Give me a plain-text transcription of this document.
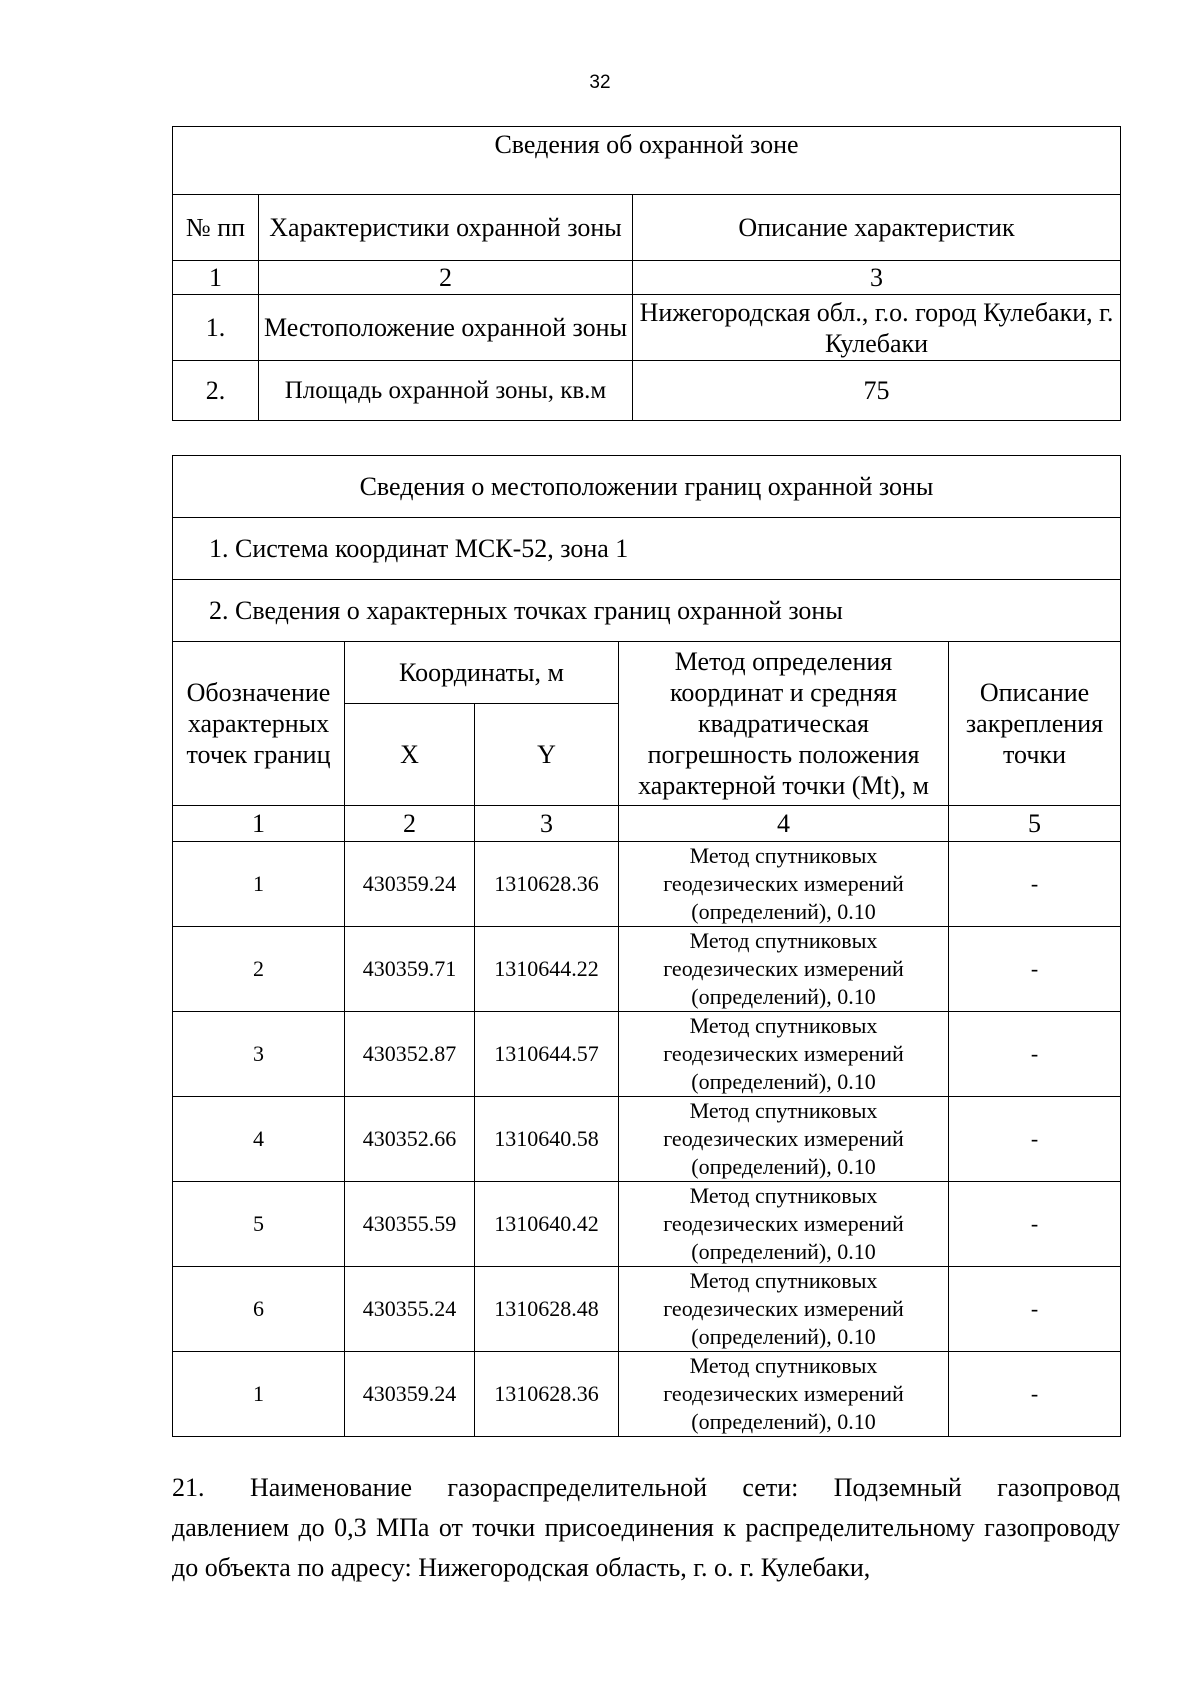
32
Сведения об охранной зоне		
№ пп	Характеристики охранной зоны	Описание характеристик
1	2	3
1.	Местоположение охранной зоны	Нижегородская обл., г.о. город Кулебаки, г. Кулебаки
2.	Площадь охранной зоны, кв.м	75
Сведения о местоположении границ охранной зоны				
1. Система координат МСК-52, зона 1				
2. Сведения о характерных точках границ охранной зоны				
Обозначение характерных точек границ	Координаты, м		Метод определения координат и средняя квадратическая погрешность положения характерной точки (Mt), м	Описание закрепления точки
	X	Y		
1	2	3	4	5
1	430359.24	1310628.36	Метод спутниковых геодезических измерений (определений), 0.10	-
2	430359.71	1310644.22	Метод спутниковых геодезических измерений (определений), 0.10	-
3	430352.87	1310644.57	Метод спутниковых геодезических измерений (определений), 0.10	-
4	430352.66	1310640.58	Метод спутниковых геодезических измерений (определений), 0.10	-
5	430355.59	1310640.42	Метод спутниковых геодезических измерений (определений), 0.10	-
6	430355.24	1310628.48	Метод спутниковых геодезических измерений (определений), 0.10	-
1	430359.24	1310628.36	Метод спутниковых геодезических измерений (определений), 0.10	-

21. Наименование газораспределительной сети: Подземный газопровод давлением до 0,3 МПа от точки присоединения к распределительному газопроводу до объекта по адресу: Нижегородская область, г. о. г. Кулебаки,
